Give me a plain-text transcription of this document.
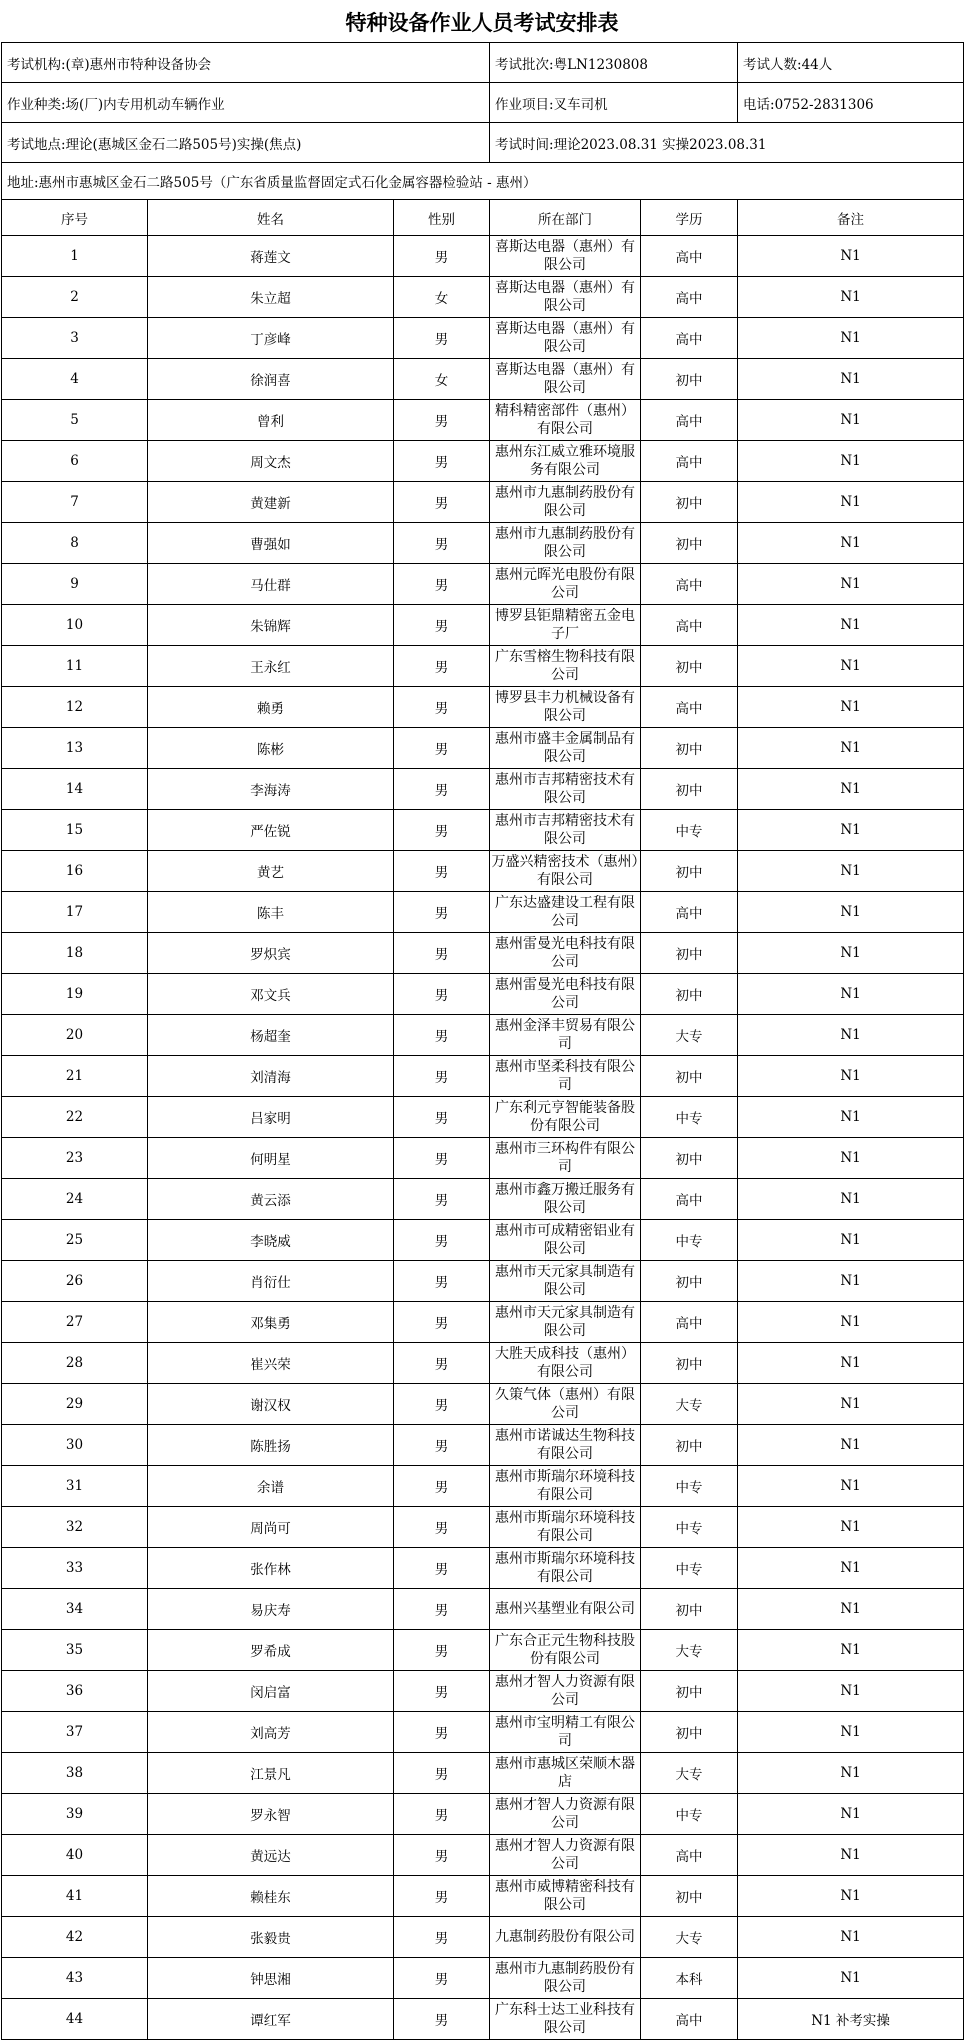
特种设备作业人员考试安排表
考试机构:(章)惠州市特种设备协会			考试批次:粤LN1230808		考试人数:44人
作业种类:场(厂)内专用机动车辆作业			作业项目:叉车司机		电话:0752-2831306
考试地点:理论(惠城区金石二路505号)实操(焦点)			考试时间:理论2023.08.31 实操2023.08.31		
地址:惠州市惠城区金石二路505号（广东省质量监督固定式石化金属容器检验站 - 惠州）					
序号	姓名	性别	所在部门	学历	备注
1	蒋莲文	男	喜斯达电器（惠州）有限公司	高中	N1
2	朱立超	女	喜斯达电器（惠州）有限公司	高中	N1
3	丁彦峰	男	喜斯达电器（惠州）有限公司	高中	N1
4	徐润喜	女	喜斯达电器（惠州）有限公司	初中	N1
5	曾利	男	精科精密部件（惠州）有限公司	高中	N1
6	周文杰	男	惠州东江威立雅环境服务有限公司	高中	N1
7	黄建新	男	惠州市九惠制药股份有限公司	初中	N1
8	曹强如	男	惠州市九惠制药股份有限公司	初中	N1
9	马仕群	男	惠州元晖光电股份有限公司	高中	N1
10	朱锦辉	男	博罗县钜鼎精密五金电子厂	高中	N1
11	王永红	男	广东雪榕生物科技有限公司	初中	N1
12	赖勇	男	博罗县丰力机械设备有限公司	高中	N1
13	陈彬	男	惠州市盛丰金属制品有限公司	初中	N1
14	李海涛	男	惠州市吉邦精密技术有限公司	初中	N1
15	严佐锐	男	惠州市吉邦精密技术有限公司	中专	N1
16	黄艺	男	万盛兴精密技术（惠州）有限公司	初中	N1
17	陈丰	男	广东达盛建设工程有限公司	高中	N1
18	罗炽宾	男	惠州雷曼光电科技有限公司	初中	N1
19	邓文兵	男	惠州雷曼光电科技有限公司	初中	N1
20	杨超奎	男	惠州金泽丰贸易有限公司	大专	N1
21	刘清海	男	惠州市坚柔科技有限公司	初中	N1
22	吕家明	男	广东利元亨智能装备股份有限公司	中专	N1
23	何明星	男	惠州市三环构件有限公司	初中	N1
24	黄云添	男	惠州市鑫万搬迁服务有限公司	高中	N1
25	李晓威	男	惠州市可成精密铝业有限公司	中专	N1
26	肖衍仕	男	惠州市天元家具制造有限公司	初中	N1
27	邓集勇	男	惠州市天元家具制造有限公司	高中	N1
28	崔兴荣	男	大胜天成科技（惠州）有限公司	初中	N1
29	谢汉权	男	久策气体（惠州）有限公司	大专	N1
30	陈胜扬	男	惠州市诺诚达生物科技有限公司	初中	N1
31	余谱	男	惠州市斯瑞尔环境科技有限公司	中专	N1
32	周尚可	男	惠州市斯瑞尔环境科技有限公司	中专	N1
33	张作林	男	惠州市斯瑞尔环境科技有限公司	中专	N1
34	易庆寿	男	惠州兴基塑业有限公司	初中	N1
35	罗希成	男	广东合正元生物科技股份有限公司	大专	N1
36	闵启富	男	惠州才智人力资源有限公司	初中	N1
37	刘高芳	男	惠州市宝明精工有限公司	初中	N1
38	江景凡	男	惠州市惠城区荣顺木器店	大专	N1
39	罗永智	男	惠州才智人力资源有限公司	中专	N1
40	黄远达	男	惠州才智人力资源有限公司	高中	N1
41	赖桂东	男	惠州市威博精密科技有限公司	初中	N1
42	张毅贵	男	九惠制药股份有限公司	大专	N1
43	钟思湘	男	惠州市九惠制药股份有限公司	本科	N1
44	谭红军	男	广东科士达工业科技有限公司	高中	N1 补考实操
